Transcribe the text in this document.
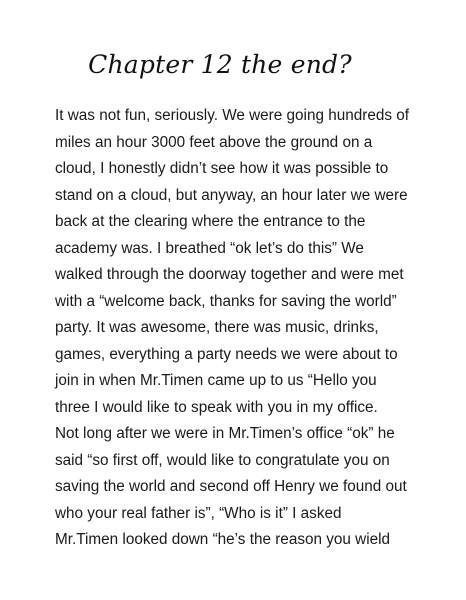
Chapter 12 the end?
It was not fun, seriously. We were going hundreds of
miles an hour 3000 feet above the ground on a
cloud, I honestly didn’t see how it was possible to
stand on a cloud, but anyway, an hour later we were
back at the clearing where the entrance to the
academy was. I breathed “ok let’s do this” We
walked through the doorway together and were met
with a “welcome back, thanks for saving the world”
party. It was awesome, there was music, drinks,
games, everything a party needs we were about to
join in when Mr.Timen came up to us “Hello you
three I would like to speak with you in my office.
Not long after we were in Mr.Timen’s office “ok” he
said “so first off, would like to congratulate you on
saving the world and second off Henry we found out
who your real father is”, “Who is it” I asked
Mr.Timen looked down “he’s the reason you wield
